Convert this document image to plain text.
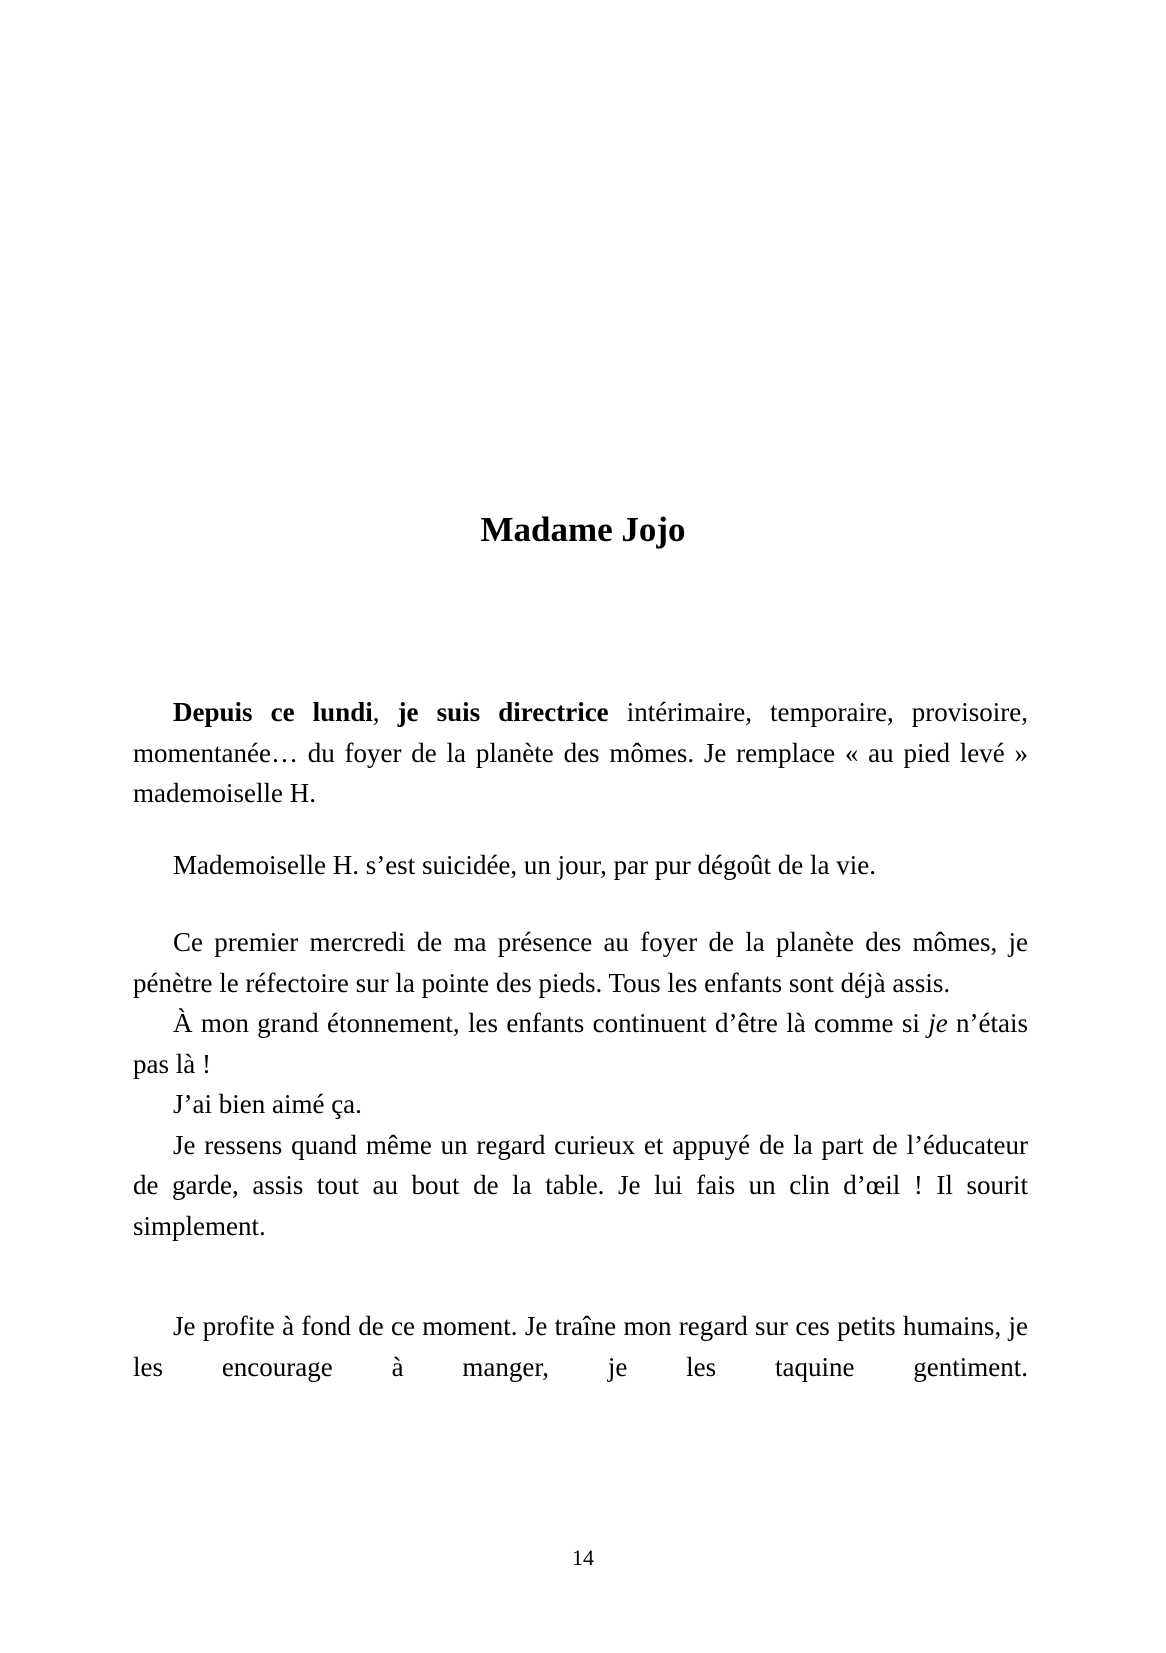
Madame Jojo

Depuis ce lundi, je suis directrice intérimaire, temporaire, provisoire, momentanée… du foyer de la planète des mômes. Je remplace « au pied levé » mademoiselle H.

Mademoiselle H. s’est suicidée, un jour, par pur dégoût de la vie.

Ce premier mercredi de ma présence au foyer de la planète des mômes, je pénètre le réfectoire sur la pointe des pieds. Tous les enfants sont déjà assis.

À mon grand étonnement, les enfants continuent d’être là comme si je n’étais pas là !

J’ai bien aimé ça.

Je ressens quand même un regard curieux et appuyé de la part de l’éducateur de garde, assis tout au bout de la table. Je lui fais un clin d’œil ! Il sourit simplement.

Je profite à fond de ce moment. Je traîne mon regard sur ces petits humains, je les encourage à manger, je les taquine gentiment.

14
